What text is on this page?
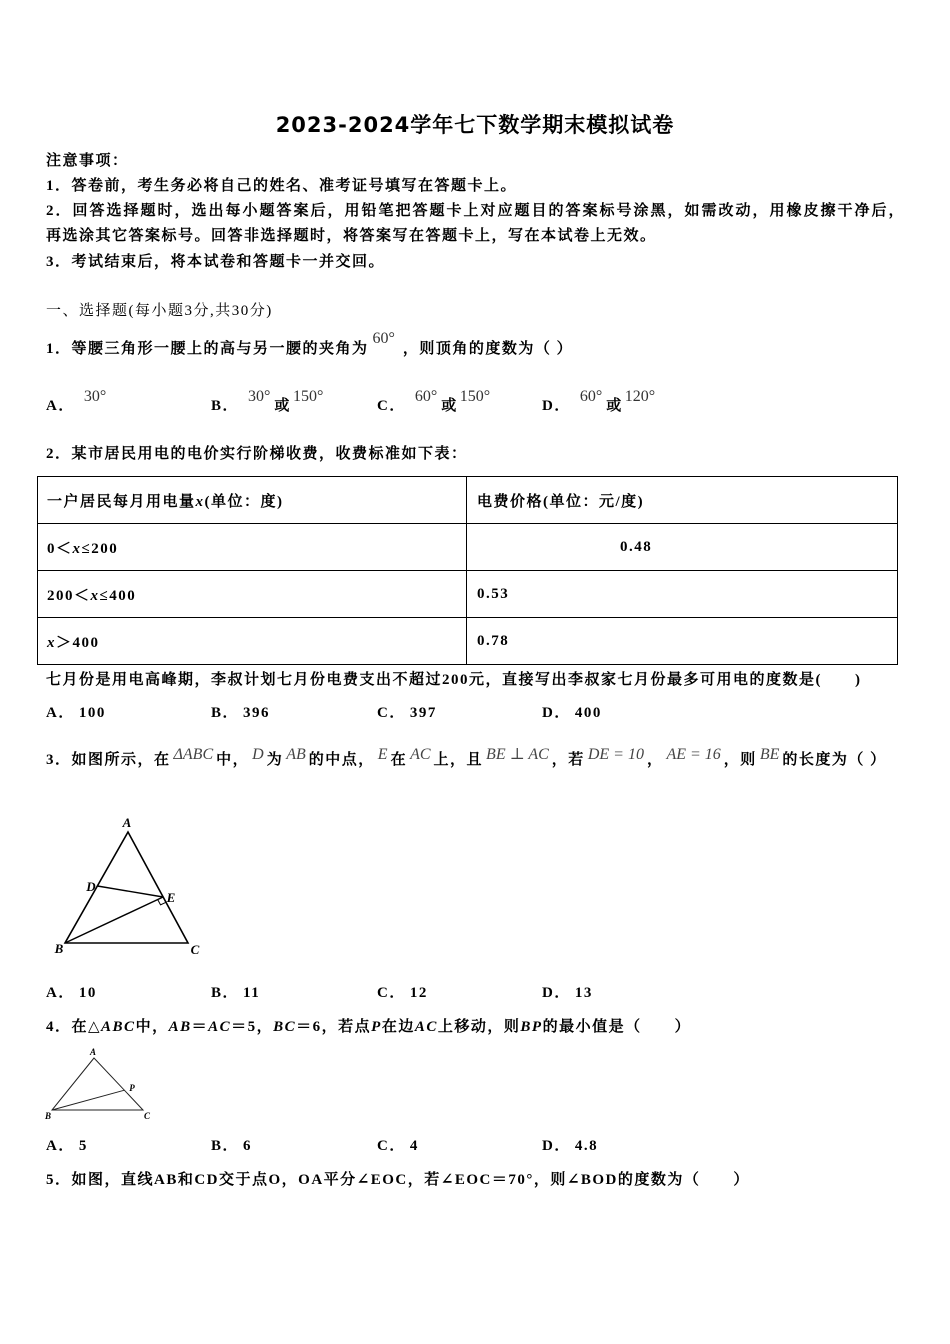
2023-2024学年七下数学期末模拟试卷
注意事项：
1．答卷前，考生务必将自己的姓名、准考证号填写在答题卡上。
2．回答选择题时，选出每小题答案后，用铅笔把答题卡上对应题目的答案标号涂黑，如需改动，用橡皮擦干净后，
再选涂其它答案标号。回答非选择题时，将答案写在答题卡上，写在本试卷上无效。
3．考试结束后，将本试卷和答题卡一并交回。
一、选择题(每小题3分,共30分)
1．等腰三角形一腰上的高与另一腰的夹角为60°，则顶角的度数为（ ）
A．30°
B．30°或150°
C．60°或150°
D．60°或120°
2．某市居民用电的电价实行阶梯收费，收费标准如下表：
一户居民每月用电量x(单位：度)	电费价格(单位：元/度)
0＜x≤200	0.48
200＜x≤400	0.53
x＞400	0.78
七月份是用电高峰期，李叔计划七月份电费支出不超过200元，直接写出李叔家七月份最多可用电的度数是(　　)
A． 100	B． 396	C． 397	D． 400
3．如图所示，在 ΔABC 中， D 为 AB 的中点， E 在 AC 上，且 BE ⊥ AC ，若 DE = 10 ， AE = 16 ，则 BE 的长度为（ ）
A
B	C
D
E
A． 10	B． 11	C． 12	D． 13
4．在△ABC中，AB＝AC＝5，BC＝6，若点P在边AC上移动，则BP的最小值是（　　）
A
B	C
P
A． 5	B． 6	C． 4	D． 4.8
5．如图，直线AB和CD交于点O，OA平分∠EOC，若∠EOC＝70°，则∠BOD的度数为（　　）
